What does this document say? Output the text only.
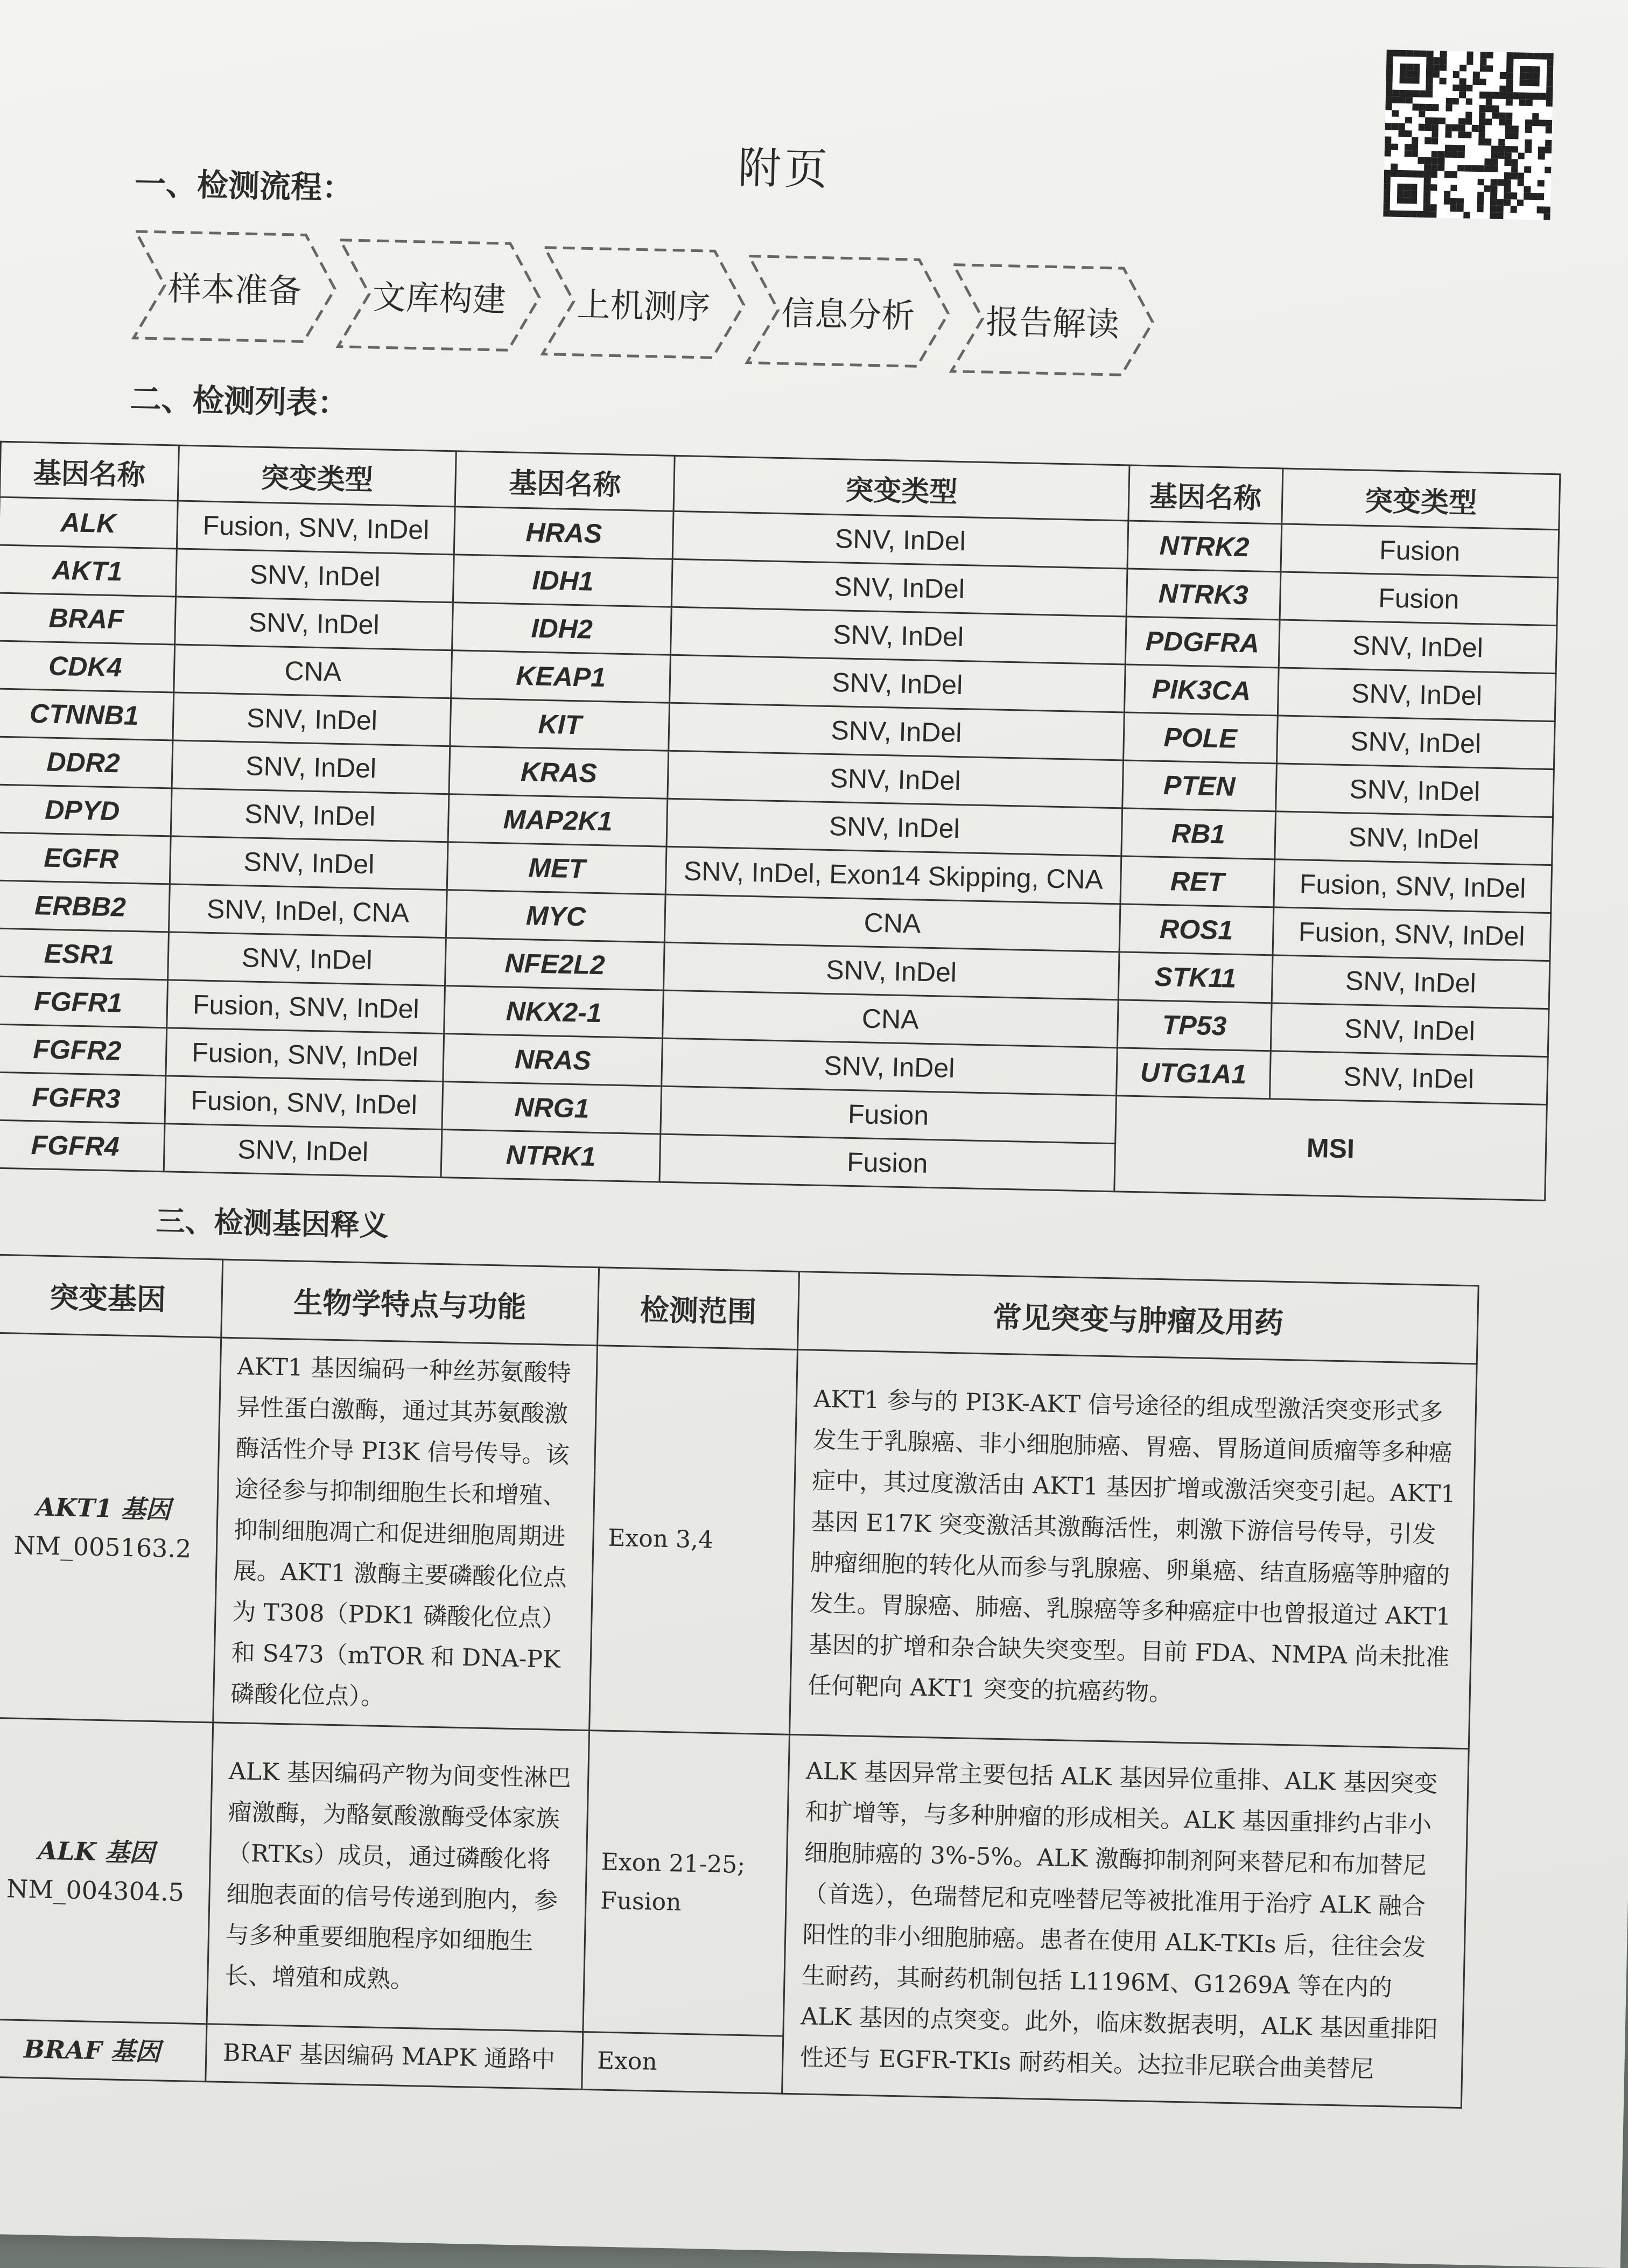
附页
一、检测流程：
样本准备 文库构建 上机测序 信息分析 报告解读
二、检测列表：
基因名称	突变类型	基因名称	突变类型	基因名称	突变类型
ALK	Fusion, SNV, InDel	HRAS	SNV, InDel	NTRK2	Fusion
AKT1	SNV, InDel	IDH1	SNV, InDel	NTRK3	Fusion
BRAF	SNV, InDel	IDH2	SNV, InDel	PDGFRA	SNV, InDel
CDK4	CNA	KEAP1	SNV, InDel	PIK3CA	SNV, InDel
CTNNB1	SNV, InDel	KIT	SNV, InDel	POLE	SNV, InDel
DDR2	SNV, InDel	KRAS	SNV, InDel	PTEN	SNV, InDel
DPYD	SNV, InDel	MAP2K1	SNV, InDel	RB1	SNV, InDel
EGFR	SNV, InDel	MET	SNV, InDel, Exon14 Skipping, CNA	RET	Fusion, SNV, InDel
ERBB2	SNV, InDel, CNA	MYC	CNA	ROS1	Fusion, SNV, InDel
ESR1	SNV, InDel	NFE2L2	SNV, InDel	STK11	SNV, InDel
FGFR1	Fusion, SNV, InDel	NKX2-1	CNA	TP53	SNV, InDel
FGFR2	Fusion, SNV, InDel	NRAS	SNV, InDel	UTG1A1	SNV, InDel
FGFR3	Fusion, SNV, InDel	NRG1	Fusion	MSI	
FGFR4	SNV, InDel	NTRK1	Fusion		
三、检测基因释义
突变基因	生物学特点与功能	检测范围	常见突变与肿瘤及用药
AKT1 基因
NM_005163.2	AKT1 基因编码一种丝苏氨酸特异性蛋白激酶，通过其苏氨酸激酶活性介导 PI3K 信号传导。该途径参与抑制细胞生长和增殖、抑制细胞凋亡和促进细胞周期进展。AKT1 激酶主要磷酸化位点为 T308（PDK1 磷酸化位点）和 S473（mTOR 和 DNA-PK 磷酸化位点）。	Exon 3,4	AKT1 参与的 PI3K-AKT 信号途径的组成型激活突变形式多发生于乳腺癌、非小细胞肺癌、胃癌、胃肠道间质瘤等多种癌症中，其过度激活由 AKT1 基因扩增或激活突变引起。AKT1 基因 E17K 突变激活其激酶活性，刺激下游信号传导，引发肿瘤细胞的转化从而参与乳腺癌、卵巢癌、结直肠癌等肿瘤的发生。胃腺癌、肺癌、乳腺癌等多种癌症中也曾报道过 AKT1 基因的扩增和杂合缺失突变型。目前 FDA、NMPA 尚未批准任何靶向 AKT1 突变的抗癌药物。
ALK 基因
NM_004304.5	ALK 基因编码产物为间变性淋巴瘤激酶，为酪氨酸激酶受体家族（RTKs）成员，通过磷酸化将细胞表面的信号传递到胞内，参与多种重要细胞程序如细胞生长、增殖和成熟。	Exon 21-25; Fusion	ALK 基因异常主要包括 ALK 基因异位重排、ALK 基因突变和扩增等，与多种肿瘤的形成相关。ALK 基因重排约占非小细胞肺癌的 3%-5%。ALK 激酶抑制剂阿来替尼和布加替尼（首选），色瑞替尼和克唑替尼等被批准用于治疗 ALK 融合阳性的非小细胞肺癌。患者在使用 ALK-TKIs 后，往往会发生耐药，其耐药机制包括 L1196M、G1269A 等在内的 ALK 基因的点突变。此外，临床数据表明，ALK 基因重排阳性还与 EGFR-TKIs 耐药相关。达拉非尼联合曲美替尼
BRAF 基因	BRAF 基因编码 MAPK 通路中	Exon	
